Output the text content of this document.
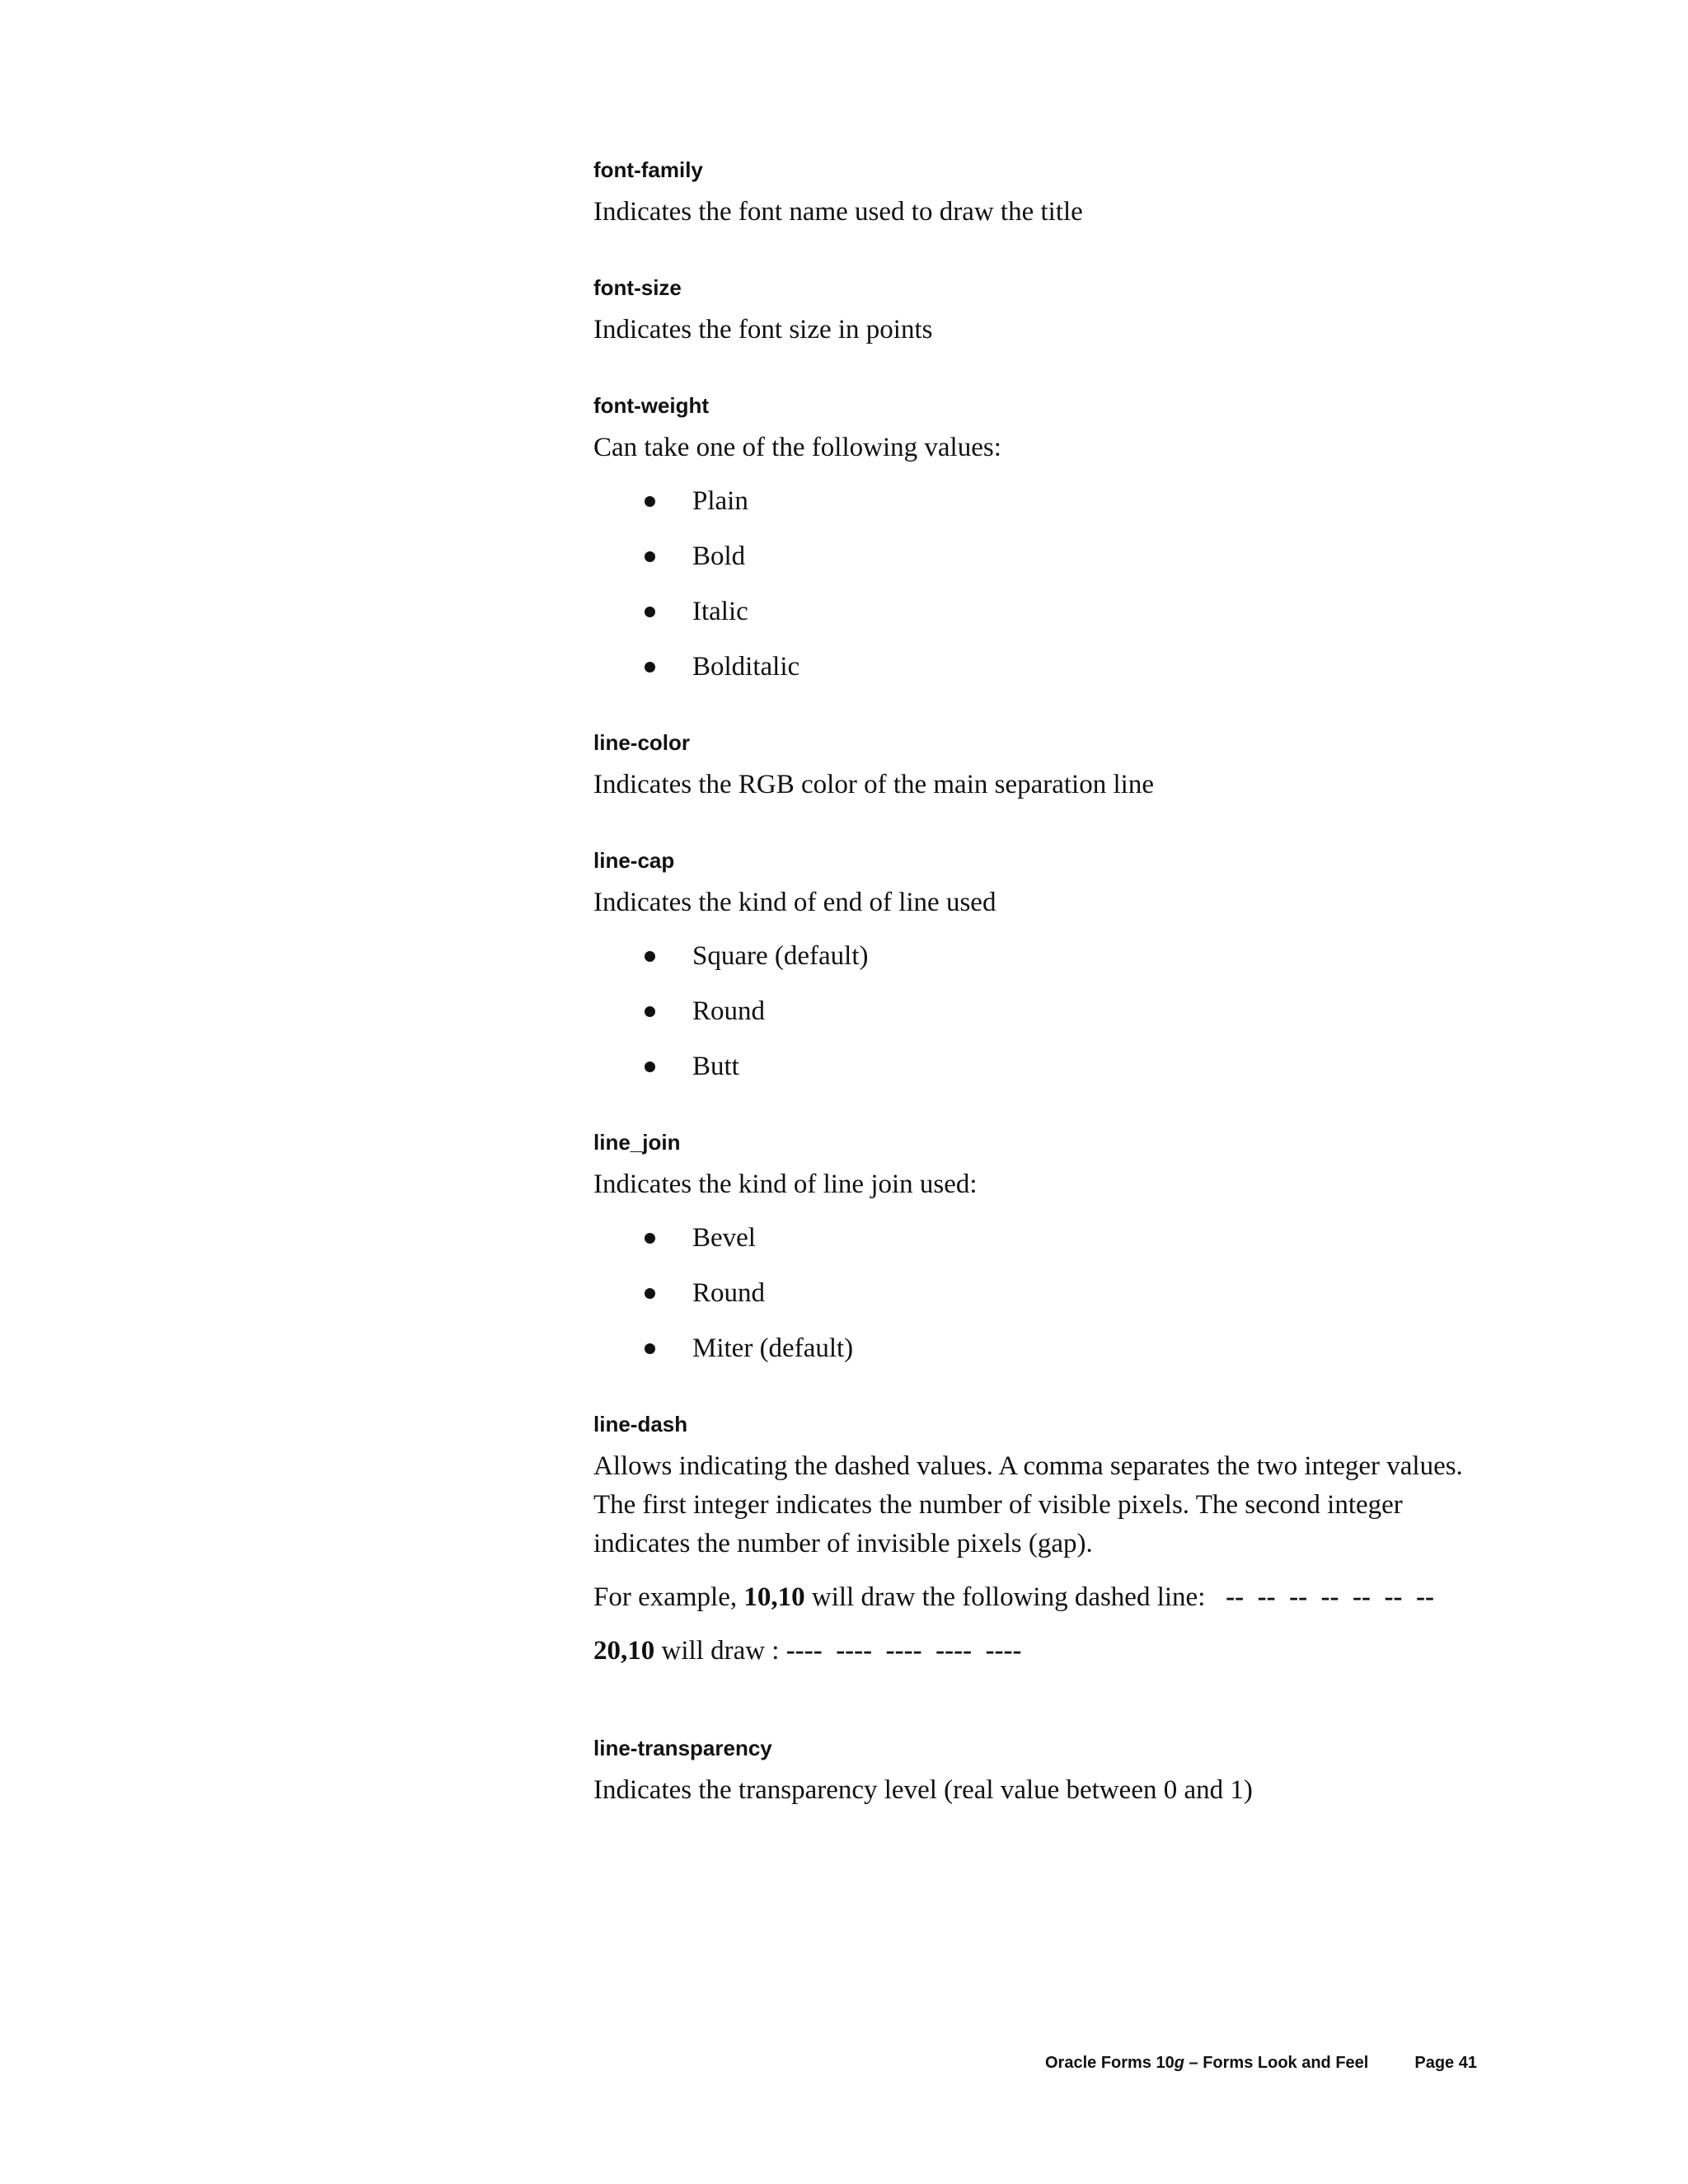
font-family

Indicates the font name used to draw the title

font-size

Indicates the font size in points

font-weight

Can take one of the following values:

Plain
Bold
Italic
Bolditalic
line-color

Indicates the RGB color of the main separation line

line-cap

Indicates the kind of end of line used

Square (default)
Round
Butt
line_join

Indicates the kind of line join used:

Bevel
Round
Miter (default)
line-dash

Allows indicating the dashed values. A comma separates the two integer values. The first integer indicates the number of visible pixels. The second integer indicates the number of invisible pixels (gap).

For example, 10,10 will draw the following dashed line:   --  --  --  --  --  --  --

20,10 will draw : ----  ----  ----  ----  ----

line-transparency

Indicates the transparency level (real value between 0 and 1)

Oracle Forms 10g – Forms Look and Feel	Page 41
